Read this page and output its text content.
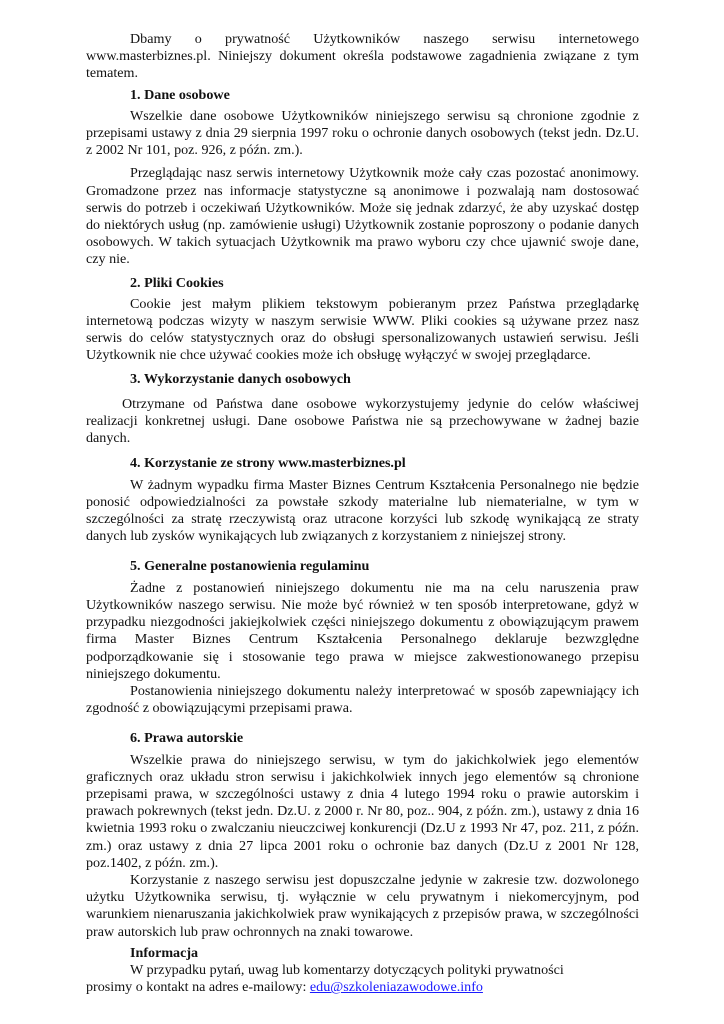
Dbamy o prywatność Użytkowników naszego serwisu internetowego www.masterbiznes.pl. Niniejszy dokument określa podstawowe zagadnienia związane z tym tematem.

1. Dane osobowe

Wszelkie dane osobowe Użytkowników niniejszego serwisu są chronione zgodnie z przepisami ustawy z dnia 29 sierpnia 1997 roku o ochronie danych osobowych (tekst jedn. Dz.U. z 2002 Nr 101, poz. 926, z późn. zm.).

Przeglądając nasz serwis internetowy Użytkownik może cały czas pozostać anonimowy. Gromadzone przez nas informacje statystyczne są anonimowe i pozwalają nam dostosować serwis do potrzeb i oczekiwań Użytkowników. Może się jednak zdarzyć, że aby uzyskać dostęp do niektórych usług (np. zamówienie usługi) Użytkownik zostanie poproszony o podanie danych osobowych. W takich sytuacjach Użytkownik ma prawo wyboru czy chce ujawnić swoje dane, czy nie.

2. Pliki Cookies

Cookie jest małym plikiem tekstowym pobieranym przez Państwa przeglądarkę internetową podczas wizyty w naszym serwisie WWW. Pliki cookies są używane przez nasz serwis do celów statystycznych oraz do obsługi spersonalizowanych ustawień serwisu. Jeśli Użytkownik nie chce używać cookies może ich obsługę wyłączyć w swojej przeglądarce.

3. Wykorzystanie danych osobowych

Otrzymane od Państwa dane osobowe wykorzystujemy jedynie do celów właściwej realizacji konkretnej usługi. Dane osobowe Państwa nie są przechowywane w żadnej bazie danych.

4. Korzystanie ze strony www.masterbiznes.pl

W żadnym wypadku firma Master Biznes Centrum Kształcenia Personalnego nie będzie ponosić odpowiedzialności za powstałe szkody materialne lub niematerialne, w tym w szczególności za stratę rzeczywistą oraz utracone korzyści lub szkodę wynikającą ze straty danych lub zysków wynikających lub związanych z korzystaniem z niniejszej strony.

5. Generalne postanowienia regulaminu

Żadne z postanowień niniejszego dokumentu nie ma na celu naruszenia praw Użytkowników naszego serwisu. Nie może być również w ten sposób interpretowane, gdyż w przypadku niezgodności jakiejkolwiek części niniejszego dokumentu z obowiązującym prawem firma Master Biznes Centrum Kształcenia Personalnego deklaruje bezwzględne podporządkowanie się i stosowanie tego prawa w miejsce zakwestionowanego przepisu niniejszego dokumentu.

Postanowienia niniejszego dokumentu należy interpretować w sposób zapewniający ich zgodność z obowiązującymi przepisami prawa.

6. Prawa autorskie

Wszelkie prawa do niniejszego serwisu, w tym do jakichkolwiek jego elementów graficznych oraz układu stron serwisu i jakichkolwiek innych jego elementów są chronione przepisami prawa, w szczególności ustawy z dnia 4 lutego 1994 roku o prawie autorskim i prawach pokrewnych (tekst jedn. Dz.U. z 2000 r. Nr 80, poz.. 904, z późn. zm.), ustawy z dnia 16 kwietnia 1993 roku o zwalczaniu nieuczciwej konkurencji (Dz.U z 1993 Nr 47, poz. 211, z późn. zm.) oraz ustawy z dnia 27 lipca 2001 roku o ochronie baz danych (Dz.U z 2001 Nr 128, poz.1402, z późn. zm.).

Korzystanie z naszego serwisu jest dopuszczalne jedynie w zakresie tzw. dozwolonego użytku Użytkownika serwisu, tj. wyłącznie w celu prywatnym i niekomercyjnym, pod warunkiem nienaruszania jakichkolwiek praw wynikających z przepisów prawa, w szczególności praw autorskich lub praw ochronnych na znaki towarowe.

Informacja

W przypadku pytań, uwag lub komentarzy dotyczących polityki prywatności

prosimy o kontakt na adres e-mailowy: edu@szkoleniazawodowe.info
